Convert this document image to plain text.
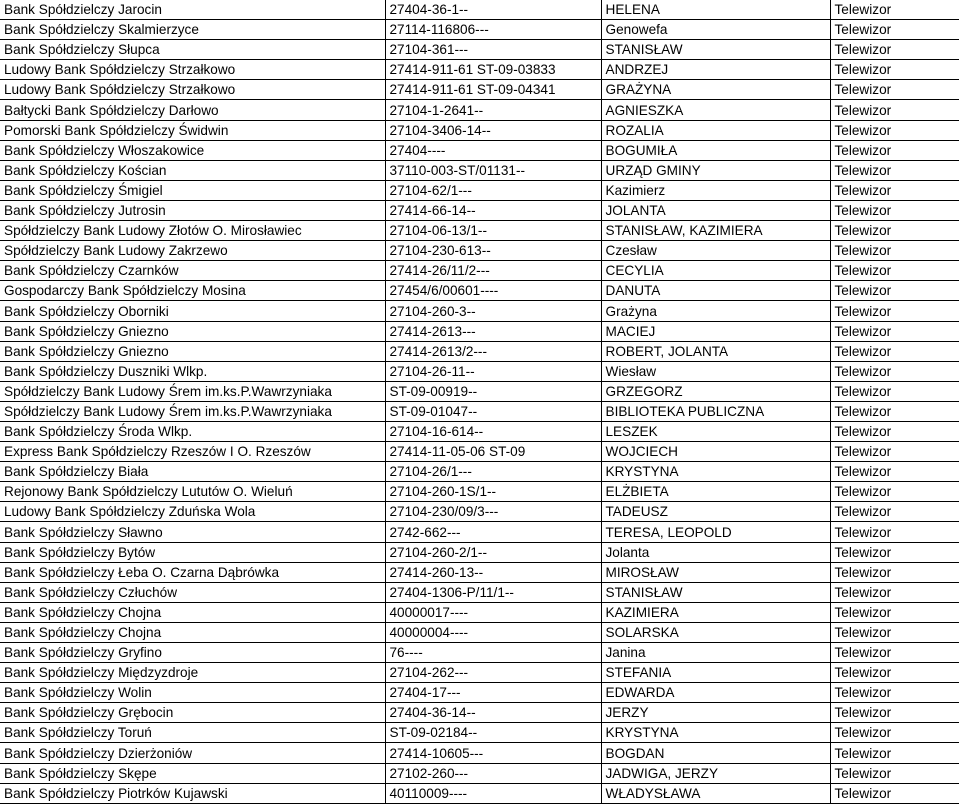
Bank Spółdzielczy Jarocin	27404-36-1--	HELENA	Telewizor
Bank Spółdzielczy Skalmierzyce	27114-116806---	Genowefa	Telewizor
Bank Spółdzielczy Słupca	27104-361---	STANISŁAW	Telewizor
Ludowy Bank Spółdzielczy Strzałkowo	27414-911-61 ST-09-03833	ANDRZEJ	Telewizor
Ludowy Bank Spółdzielczy Strzałkowo	27414-911-61 ST-09-04341	GRAŻYNA	Telewizor
Bałtycki Bank Spółdzielczy Darłowo	27104-1-2641--	AGNIESZKA	Telewizor
Pomorski Bank Spółdzielczy Świdwin	27104-3406-14--	ROZALIA	Telewizor
Bank Spółdzielczy Włoszakowice	27404----	BOGUMIŁA	Telewizor
Bank Spółdzielczy Kościan	37110-003-ST/01131--	URZĄD GMINY	Telewizor
Bank Spółdzielczy Śmigiel	27104-62/1---	Kazimierz	Telewizor
Bank Spółdzielczy Jutrosin	27414-66-14--	JOLANTA	Telewizor
Spółdzielczy Bank Ludowy Złotów O. Mirosławiec	27104-06-13/1--	STANISŁAW, KAZIMIERA	Telewizor
Spółdzielczy Bank Ludowy Zakrzewo	27104-230-613--	Czesław	Telewizor
Bank Spółdzielczy Czarnków	27414-26/11/2---	CECYLIA	Telewizor
Gospodarczy Bank Spółdzielczy Mosina	27454/6/00601----	DANUTA	Telewizor
Bank Spółdzielczy Oborniki	27104-260-3--	Grażyna	Telewizor
Bank Spółdzielczy Gniezno	27414-2613---	MACIEJ	Telewizor
Bank Spółdzielczy Gniezno	27414-2613/2---	ROBERT, JOLANTA	Telewizor
Bank Spółdzielczy Duszniki Wlkp.	27104-26-11--	Wiesław	Telewizor
Spółdzielczy Bank Ludowy Śrem im.ks.P.Wawrzyniaka	ST-09-00919--	GRZEGORZ	Telewizor
Spółdzielczy Bank Ludowy Śrem im.ks.P.Wawrzyniaka	ST-09-01047--	BIBLIOTEKA PUBLICZNA	Telewizor
Bank Spółdzielczy Środa Wlkp.	27104-16-614--	LESZEK	Telewizor
Express Bank Spółdzielczy Rzeszów I O. Rzeszów	27414-11-05-06 ST-09	WOJCIECH	Telewizor
Bank Spółdzielczy Biała	27104-26/1---	KRYSTYNA	Telewizor
Rejonowy Bank Spółdzielczy Lututów O. Wieluń	27104-260-1S/1--	ELŻBIETA	Telewizor
Ludowy Bank Spółdzielczy Zduńska Wola	27104-230/09/3---	TADEUSZ	Telewizor
Bank Spółdzielczy Sławno	2742-662---	TERESA, LEOPOLD	Telewizor
Bank Spółdzielczy Bytów	27104-260-2/1--	Jolanta	Telewizor
Bank Spółdzielczy Łeba O. Czarna Dąbrówka	27414-260-13--	MIROSŁAW	Telewizor
Bank Spółdzielczy Człuchów	27404-1306-P/11/1--	STANISŁAW	Telewizor
Bank Spółdzielczy Chojna	40000017----	KAZIMIERA	Telewizor
Bank Spółdzielczy Chojna	40000004----	SOLARSKA	Telewizor
Bank Spółdzielczy Gryfino	76----	Janina	Telewizor
Bank Spółdzielczy Międzyzdroje	27104-262---	STEFANIA	Telewizor
Bank Spółdzielczy Wolin	27404-17---	EDWARDA	Telewizor
Bank Spółdzielczy Grębocin	27404-36-14--	JERZY	Telewizor
Bank Spółdzielczy Toruń	ST-09-02184--	KRYSTYNA	Telewizor
Bank Spółdzielczy Dzierżoniów	27414-10605---	BOGDAN	Telewizor
Bank Spółdzielczy Skępe	27102-260---	JADWIGA, JERZY	Telewizor
Bank Spółdzielczy Piotrków Kujawski	40110009----	WŁADYSŁAWA	Telewizor
